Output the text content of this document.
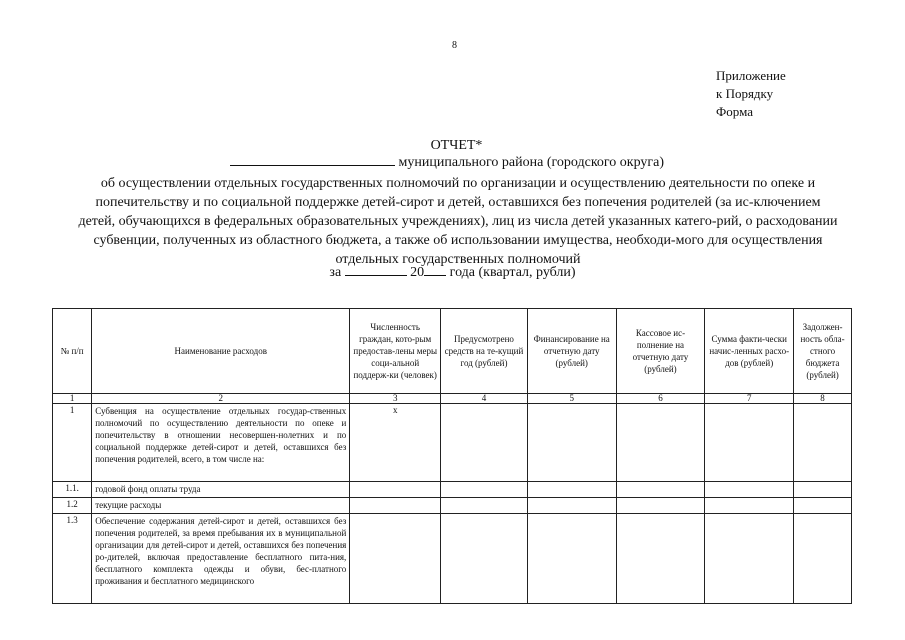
8
Приложение
к Порядку
Форма
ОТЧЕТ*
муниципального района (городского округа)
об осуществлении отдельных государственных полномочий по организации и осуществлению деятельности по опеке и попечительству и по социальной поддержке детей-сирот и детей, оставшихся без попечения родителей (за ис-ключением детей, обучающихся в федеральных образовательных учреждениях), лиц из числа детей указанных катего-рий, о расходовании субвенции, полученных из областного бюджета, а также об использовании имущества, необходи-мого для осуществления отдельных государственных полномочий
за	20 года (квартал, рубли)
№ п/п	Наименование расходов	Численность граждан, кото-рым предостав-лены меры соци-альной поддерж-ки (человек)	Предусмотрено средств на те-кущий год (рублей)	Финансирование на отчетную дату (рублей)	Кассовое ис-полнение на отчетную дату (рублей)	Сумма факти-чески начис-ленных расхо-дов (рублей)	Задолжен-ность обла-стного бюджета (рублей)
1	2	3	4	5	6	7	8
1	Субвенция на осуществление отдельных государ-ственных полномочий по осуществлению деятельности по опеке и попечительству в отношении несовершен-нолетних и по социальной поддержке детей-сирот и детей, оставшихся без попечения родителей, всего, в том числе на:	х					
1.1.	годовой фонд оплаты труда						
1.2	текущие расходы						
1.3	Обеспечение содержания детей-сирот и детей, оставшихся без попечения родителей, за время пребывания их в муниципальной организации для детей-сирот и детей, оставшихся без попечения ро-дителей, включая предоставление бесплатного пита-ния, бесплатного комплекта одежды и обуви, бес-платного проживания и бесплатного медицинского						
